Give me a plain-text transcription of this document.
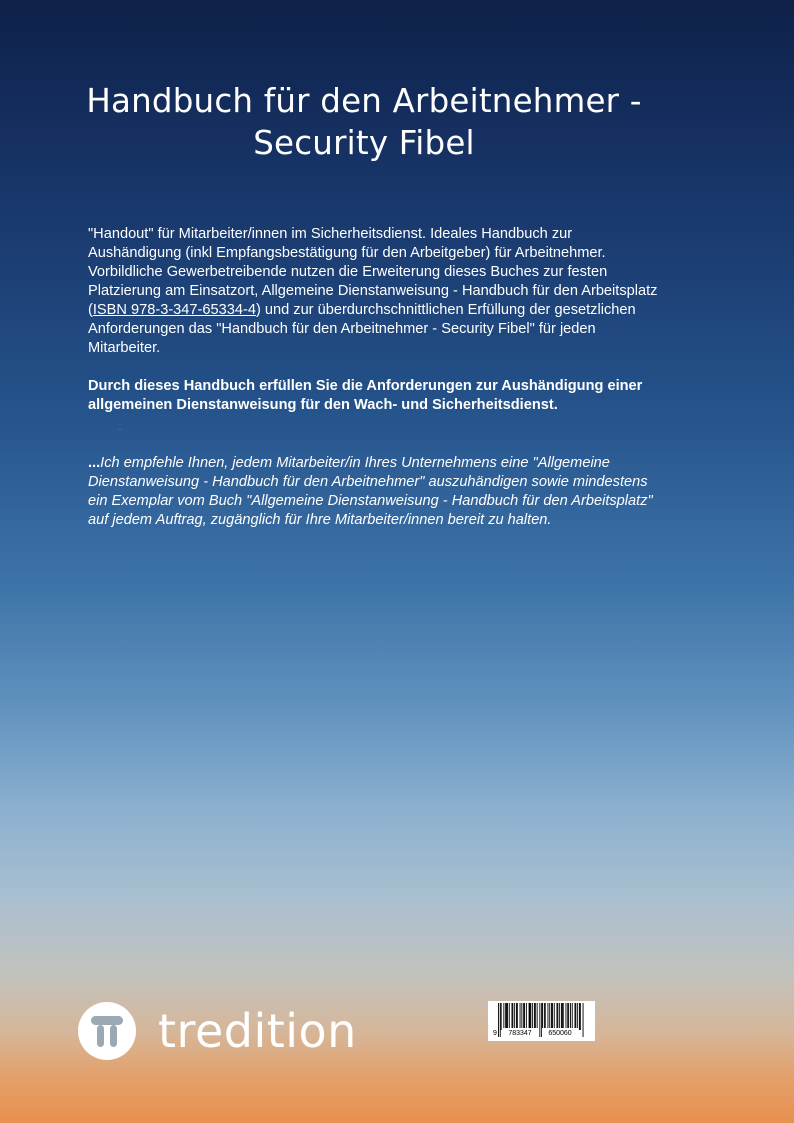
Handbuch für den Arbeitnehmer -
Security Fibel

"Handout" für Mitarbeiter/innen im Sicherheitsdienst. Ideales Handbuch zur Aushändigung (inkl Empfangsbestätigung für den Arbeitgeber) für Arbeitnehmer. Vorbildliche Gewerbetreibende nutzen die Erweiterung dieses Buches zur festen Platzierung am Einsatzort, Allgemeine Dienstanweisung - Handbuch für den Arbeitsplatz (ISBN 978-3-347-65334-4) und zur überdurchschnittlichen Erfüllung der gesetzlichen Anforderungen das "Handbuch für den Arbeitnehmer - Security Fibel" für jeden Mitarbeiter.

Durch dieses Handbuch erfüllen Sie die Anforderungen zur Aushändigung einer allgemeinen Dienstanweisung für den Wach- und Sicherheitsdienst.

-

...Ich empfehle Ihnen, jedem Mitarbeiter/in Ihres Unternehmens eine "Allgemeine Dienstanweisung - Handbuch für den Arbeitnehmer" auszuhändigen sowie mindestens ein Exemplar vom Buch "Allgemeine Dienstanweisung - Handbuch für den Arbeitsplatz" auf jedem Auftrag, zugänglich für Ihre Mitarbeiter/innen bereit zu halten.

tredition	9	783347	650060
